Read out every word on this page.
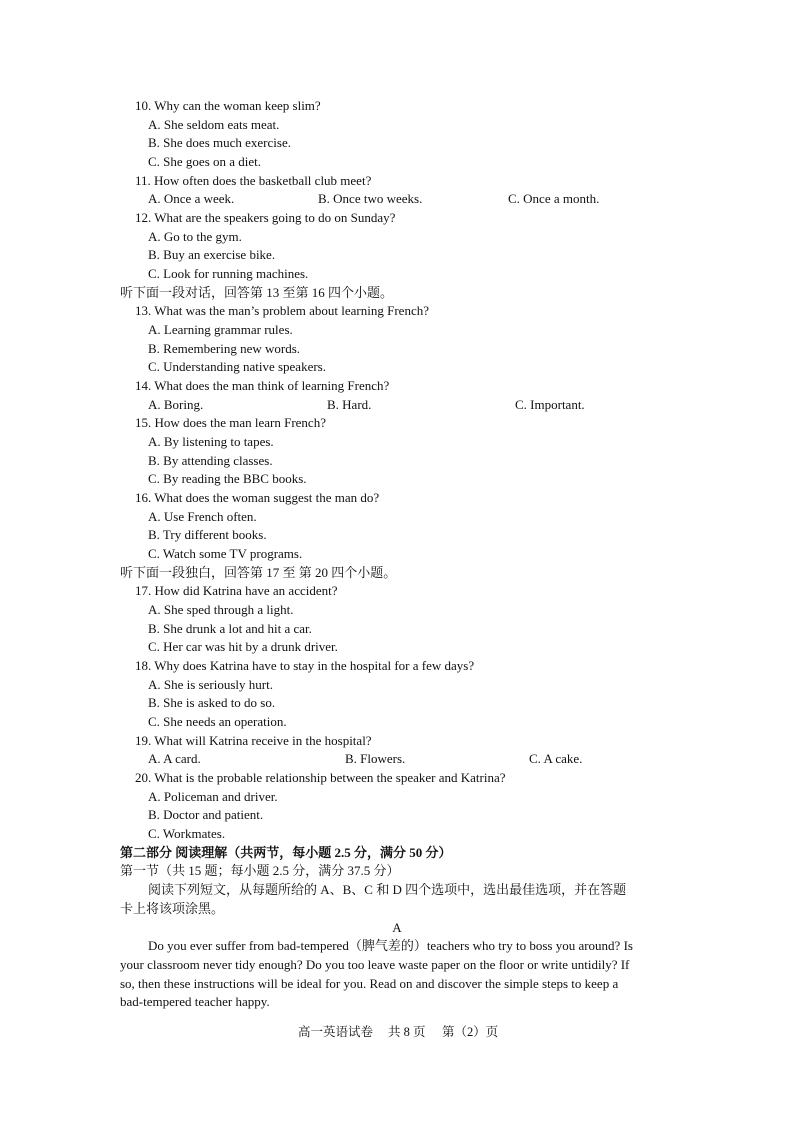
10. Why can the woman keep slim?
A. She seldom eats meat.
B. She does much exercise.
C. She goes on a diet.
11. How often does the basketball club meet?
A. Once a week.	B. Once two weeks.	C. Once a month.
12. What are the speakers going to do on Sunday?
A. Go to the gym.
B. Buy an exercise bike.
C. Look for running machines.
听下面一段对话，回答第 13 至第 16 四个小题。
13. What was the man’s problem about learning French?
A. Learning grammar rules.
B. Remembering new words.
C. Understanding native speakers.
14. What does the man think of learning French?
A. Boring.	B. Hard.	C. Important.
15. How does the man learn French?
A. By listening to tapes.
B. By attending classes.
C. By reading the BBC books.
16. What does the woman suggest the man do?
A. Use French often.
B. Try different books.
C. Watch some TV programs.
听下面一段独白，回答第 17 至 第 20 四个小题。
17. How did Katrina have an accident?
A. She sped through a light.
B. She drunk a lot and hit a car.
C. Her car was hit by a drunk driver.
18. Why does Katrina have to stay in the hospital for a few days?
A. She is seriously hurt.
B. She is asked to do so.
C. She needs an operation.
19. What will Katrina receive in the hospital?
A. A card.	B. Flowers.	C. A cake.
20. What is the probable relationship between the speaker and Katrina?
A. Policeman and driver.
B. Doctor and patient.
C. Workmates.
第二部分 阅读理解（共两节，每小题 2.5 分，满分 50 分）
第一节（共 15 题；每小题 2.5 分，满分 37.5 分）
阅读下列短文，从每题所给的 A、B、C 和 D 四个选项中，选出最佳选项，并在答题
卡上将该项涂黑。
A
Do you ever suffer from bad-tempered（脾气差的）teachers who try to boss you around? Is
your classroom never tidy enough? Do you too leave waste paper on the floor or write untidily? If
so, then these instructions will be ideal for you. Read on and discover the simple steps to keep a
bad-tempered teacher happy.
高一英语试卷 共 8 页 第（2）页
